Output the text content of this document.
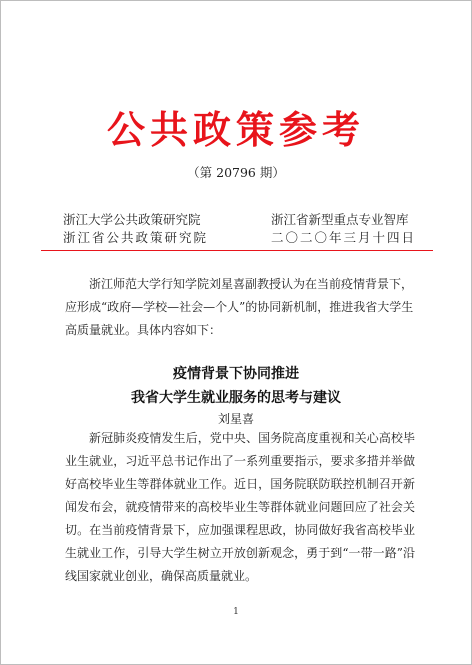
公共政策参考
（第 20796 期）
浙江大学公共政策研究院
浙江省公共政策研究院
浙江省新型重点专业智库
二〇二〇年三月十四日

浙江师范大学行知学院刘星喜副教授认为在当前疫情背景下，应形成“政府—学校—社会—个人”的协同新机制，推进我省大学生高质量就业。具体内容如下：

疫情背景下协同推进
我省大学生就业服务的思考与建议
刘星喜

新冠肺炎疫情发生后，党中央、国务院高度重视和关心高校毕业生就业，习近平总书记作出了一系列重要指示，要求多措并举做好高校毕业生等群体就业工作。近日，国务院联防联控机制召开新闻发布会，就疫情带来的高校毕业生等群体就业问题回应了社会关切。在当前疫情背景下，应加强课程思政，协同做好我省高校毕业生就业工作，引导大学生树立开放创新观念，勇于到“一带一路”沿线国家就业创业，确保高质量就业。

1
